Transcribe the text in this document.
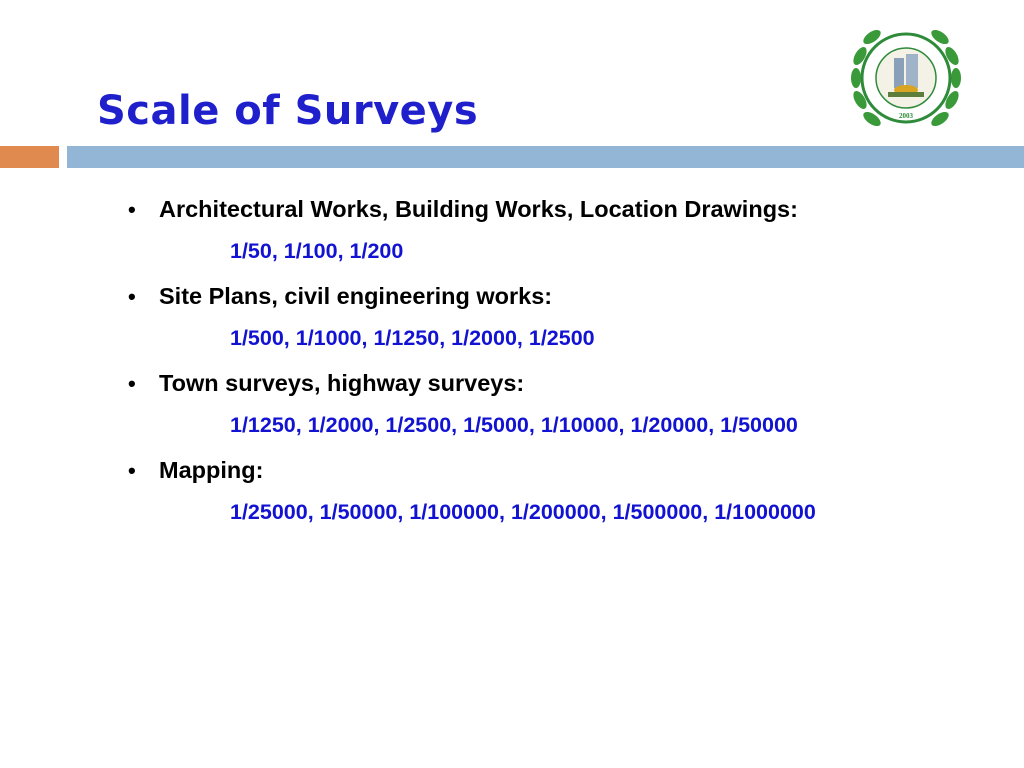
Scale of Surveys	2003
• Architectural Works, Building Works, Location Drawings:
1/50, 1/100, 1/200
• Site Plans, civil engineering works:
1/500, 1/1000, 1/1250, 1/2000, 1/2500
• Town surveys, highway surveys:
1/1250, 1/2000, 1/2500, 1/5000, 1/10000, 1/20000, 1/50000
• Mapping:
1/25000, 1/50000, 1/100000, 1/200000, 1/500000, 1/1000000
